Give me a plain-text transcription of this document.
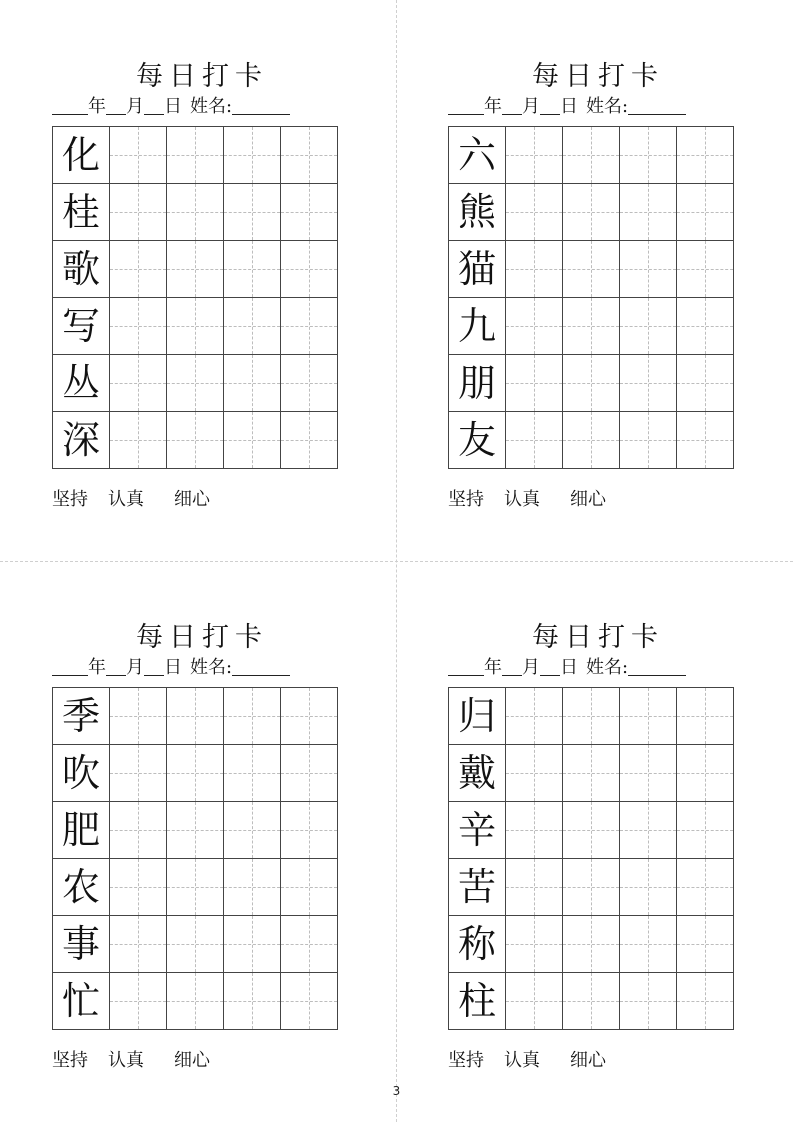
每日打卡
年 月 日 姓名:
化				

桂				

歌				

写				

丛				

深				

坚持 认真 细心
每日打卡
年 月 日 姓名:
六				

熊				

猫				

九				

朋				

友				

坚持 认真 细心
每日打卡
年 月 日 姓名:
季				

吹				

肥				

农				

事				

忙				

坚持 认真 细心
每日打卡
年 月 日 姓名:
归				

戴				

辛				

苦				

称				

柱				

坚持 认真 细心
3
